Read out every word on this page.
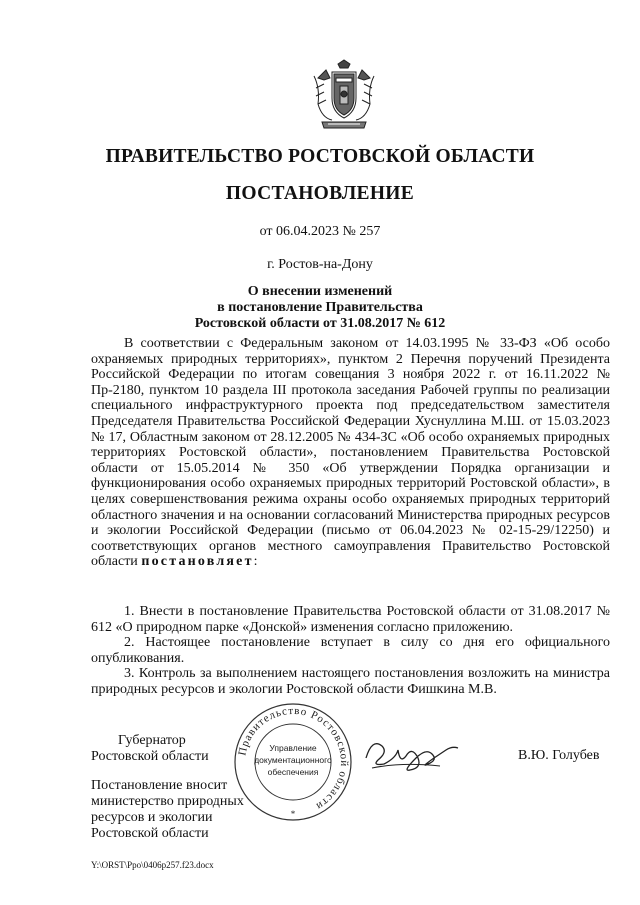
ПРАВИТЕЛЬСТВО РОСТОВСКОЙ ОБЛАСТИ
ПОСТАНОВЛЕНИЕ
от 06.04.2023 № 257
г. Ростов-на-Дону
О внесении изменений
в постановление Правительства
Ростовской области от 31.08.2017 № 612

В соответствии с Федеральным законом от 14.03.1995 № 33-ФЗ «Об особо охраняемых природных территориях», пунктом 2 Перечня поручений Президента Российской Федерации по итогам совещания 3 ноября 2022 г. от 16.11.2022 № Пр-2180, пунктом 10 раздела III протокола заседания Рабочей группы по реализации специального инфраструктурного проекта под председательством заместителя Председателя Правительства Российской Федерации Хуснуллина М.Ш. от 15.03.2023 № 17, Областным законом от 28.12.2005 № 434-ЗС «Об особо охраняемых природных территориях Ростовской области», постановлением Правительства Ростовской области от 15.05.2014 № 350 «Об утверждении Порядка организации и функционирования особо охраняемых природных территорий Ростовской области», в целях совершенствования режима охраны особо охраняемых природных территорий областного значения и на основании согласований Министерства природных ресурсов и экологии Российской Федерации (письмо от 06.04.2023 № 02-15-29/12250) и соответствующих органов местного самоуправления Правительство Ростовской области постановляет:

1. Внести в постановление Правительства Ростовской области от 31.08.2017 № 612 «О природном парке «Донской» изменения согласно приложению.

2. Настоящее постановление вступает в силу со дня его официального опубликования.

3. Контроль за выполнением настоящего постановления возложить на министра природных ресурсов и экологии Ростовской области Фишкина М.В.

Губернатор
Ростовской области	В.Ю. Голубев
Постановление вносит
министерство природных
ресурсов и экологии
Ростовской области
Правительство Ростовской области
Управление
документационного
обеспечения
*
Y:\ORST\Ppo\0406p257.f23.docx
